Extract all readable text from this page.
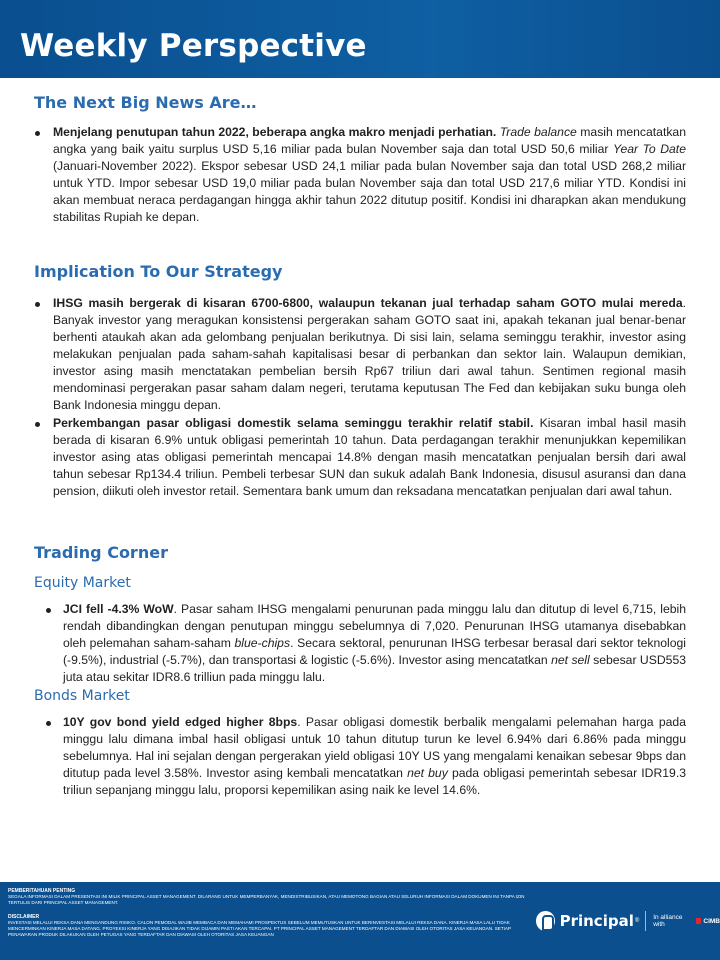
Weekly Perspective
The Next Big News Are…
Menjelang penutupan tahun 2022, beberapa angka makro menjadi perhatian. Trade balance masih mencatatkan angka yang baik yaitu surplus USD 5,16 miliar pada bulan November saja dan total USD 50,6 miliar Year To Date (Januari-November 2022). Ekspor sebesar USD 24,1 miliar pada bulan November saja dan total USD 268,2 miliar untuk YTD. Impor sebesar USD 19,0 miliar pada bulan November saja dan total USD 217,6 miliar YTD. Kondisi ini akan membuat neraca perdagangan hingga akhir tahun 2022 ditutup positif. Kondisi ini dharapkan akan mendukung stabilitas Rupiah ke depan.
Implication To Our Strategy
IHSG masih bergerak di kisaran 6700-6800, walaupun tekanan jual terhadap saham GOTO mulai mereda. Banyak investor yang meragukan konsistensi pergerakan saham GOTO saat ini, apakah tekanan jual benar-benar berhenti ataukah akan ada gelombang penjualan berikutnya. Di sisi lain, selama seminggu terakhir, investor asing melakukan penjualan pada saham-sahah kapitalisasi besar di perbankan dan sektor lain. Walaupun demikian, investor asing masih menctatakan pembelian bersih Rp67 triliun dari awal tahun. Sentimen regional masih mendominasi pergerakan pasar saham dalam negeri, terutama keputusan The Fed dan kebijakan suku bunga oleh Bank Indonesia minggu depan.
Perkembangan pasar obligasi domestik selama seminggu terakhir relatif stabil. Kisaran imbal hasil masih berada di kisaran 6.9% untuk obligasi pemerintah 10 tahun. Data perdagangan terakhir menunjukkan kepemilikan investor asing atas obligasi pemerintah mencapai 14.8% dengan masih mencatatkan penjualan bersih dari awal tahun sebesar Rp134.4 triliun. Pembeli terbesar SUN dan sukuk adalah Bank Indonesia, disusul asuransi dan dana pension, diikuti oleh investor retail. Sementara bank umum dan reksadana mencatatkan penjualan dari awal tahun.
Trading Corner
Equity Market
JCI fell -4.3% WoW. Pasar saham IHSG mengalami penurunan pada minggu lalu dan ditutup di level 6,715, lebih rendah dibandingkan dengan penutupan minggu sebelumnya di 7,020. Penurunan IHSG utamanya disebabkan oleh pelemahan saham-saham blue-chips. Secara sektoral, penurunan IHSG terbesar berasal dari sektor teknologi (-9.5%), industrial (-5.7%), dan transportasi & logistic (-5.6%). Investor asing mencatatkan net sell sebesar USD553 juta atau sekitar IDR8.6 trilliun pada minggu lalu.
Bonds Market
10Y gov bond yield edged higher 8bps. Pasar obligasi domestik berbalik mengalami pelemahan harga pada minggu lalu dimana imbal hasil obligasi untuk 10 tahun ditutup turun ke level 6.94% dari 6.86% pada minggu sebelumnya. Hal ini sejalan dengan pergerakan yield obligasi 10Y US yang mengalami kenaikan sebesar 9bps dan ditutup pada level 3.58%. Investor asing kembali mencatatkan net buy pada obligasi pemerintah sebesar IDR19.3 triliun sepanjang minggu lalu, proporsi kepemilikan asing naik ke level 14.6%.
PEMBERITAHUAN PENTING
SEGALA INFORMASI DALAM PRESENTASI INI MILIK PRINCIPAL ASSET MANAGEMENT. DILARANG UNTUK MEMPERBANYAK, MENDISTRIBUSIKAN, ATAU MEMOTONG BAGIAN ATAU SELURUH INFORMASI DALAM DOKUMEN INI TANPA IZIN TERTULIS DARI PRINCIPAL ASSET MANAGEMENT.
DISCLAIMER
INVESTASI MELALUI REKSA DANA MENGANDUNG RISIKO. CALON PEMODAL WAJIB MEMBACA DAN MEMAHAMI PROSPEKTUS SEBELUM MEMUTUSKAN UNTUK BERINVESTASI MELALUI REKSA DANA. KINERJA MASA LALU TIDAK MENCERMINKAN KINERJA MASA DATANG. PROYEKSI KINERJA YANG DISAJIKAN TIDAK DIJAMIN PASTI AKAN TERCAPAI. PT PRINCIPAL ASSET MANAGEMENT TERDAFTAR DAN DIAWASI OLEH OTORITAS JASA KEUANGAN. SETIAP PENAWARAN PRODUK DILAKUKAN OLEH PETUGAS YANG TERDAFTAR DAN DIAWASI OLEH OTORITAS JASA KEUANGAN
Principal ® In alliance with	CIMB
